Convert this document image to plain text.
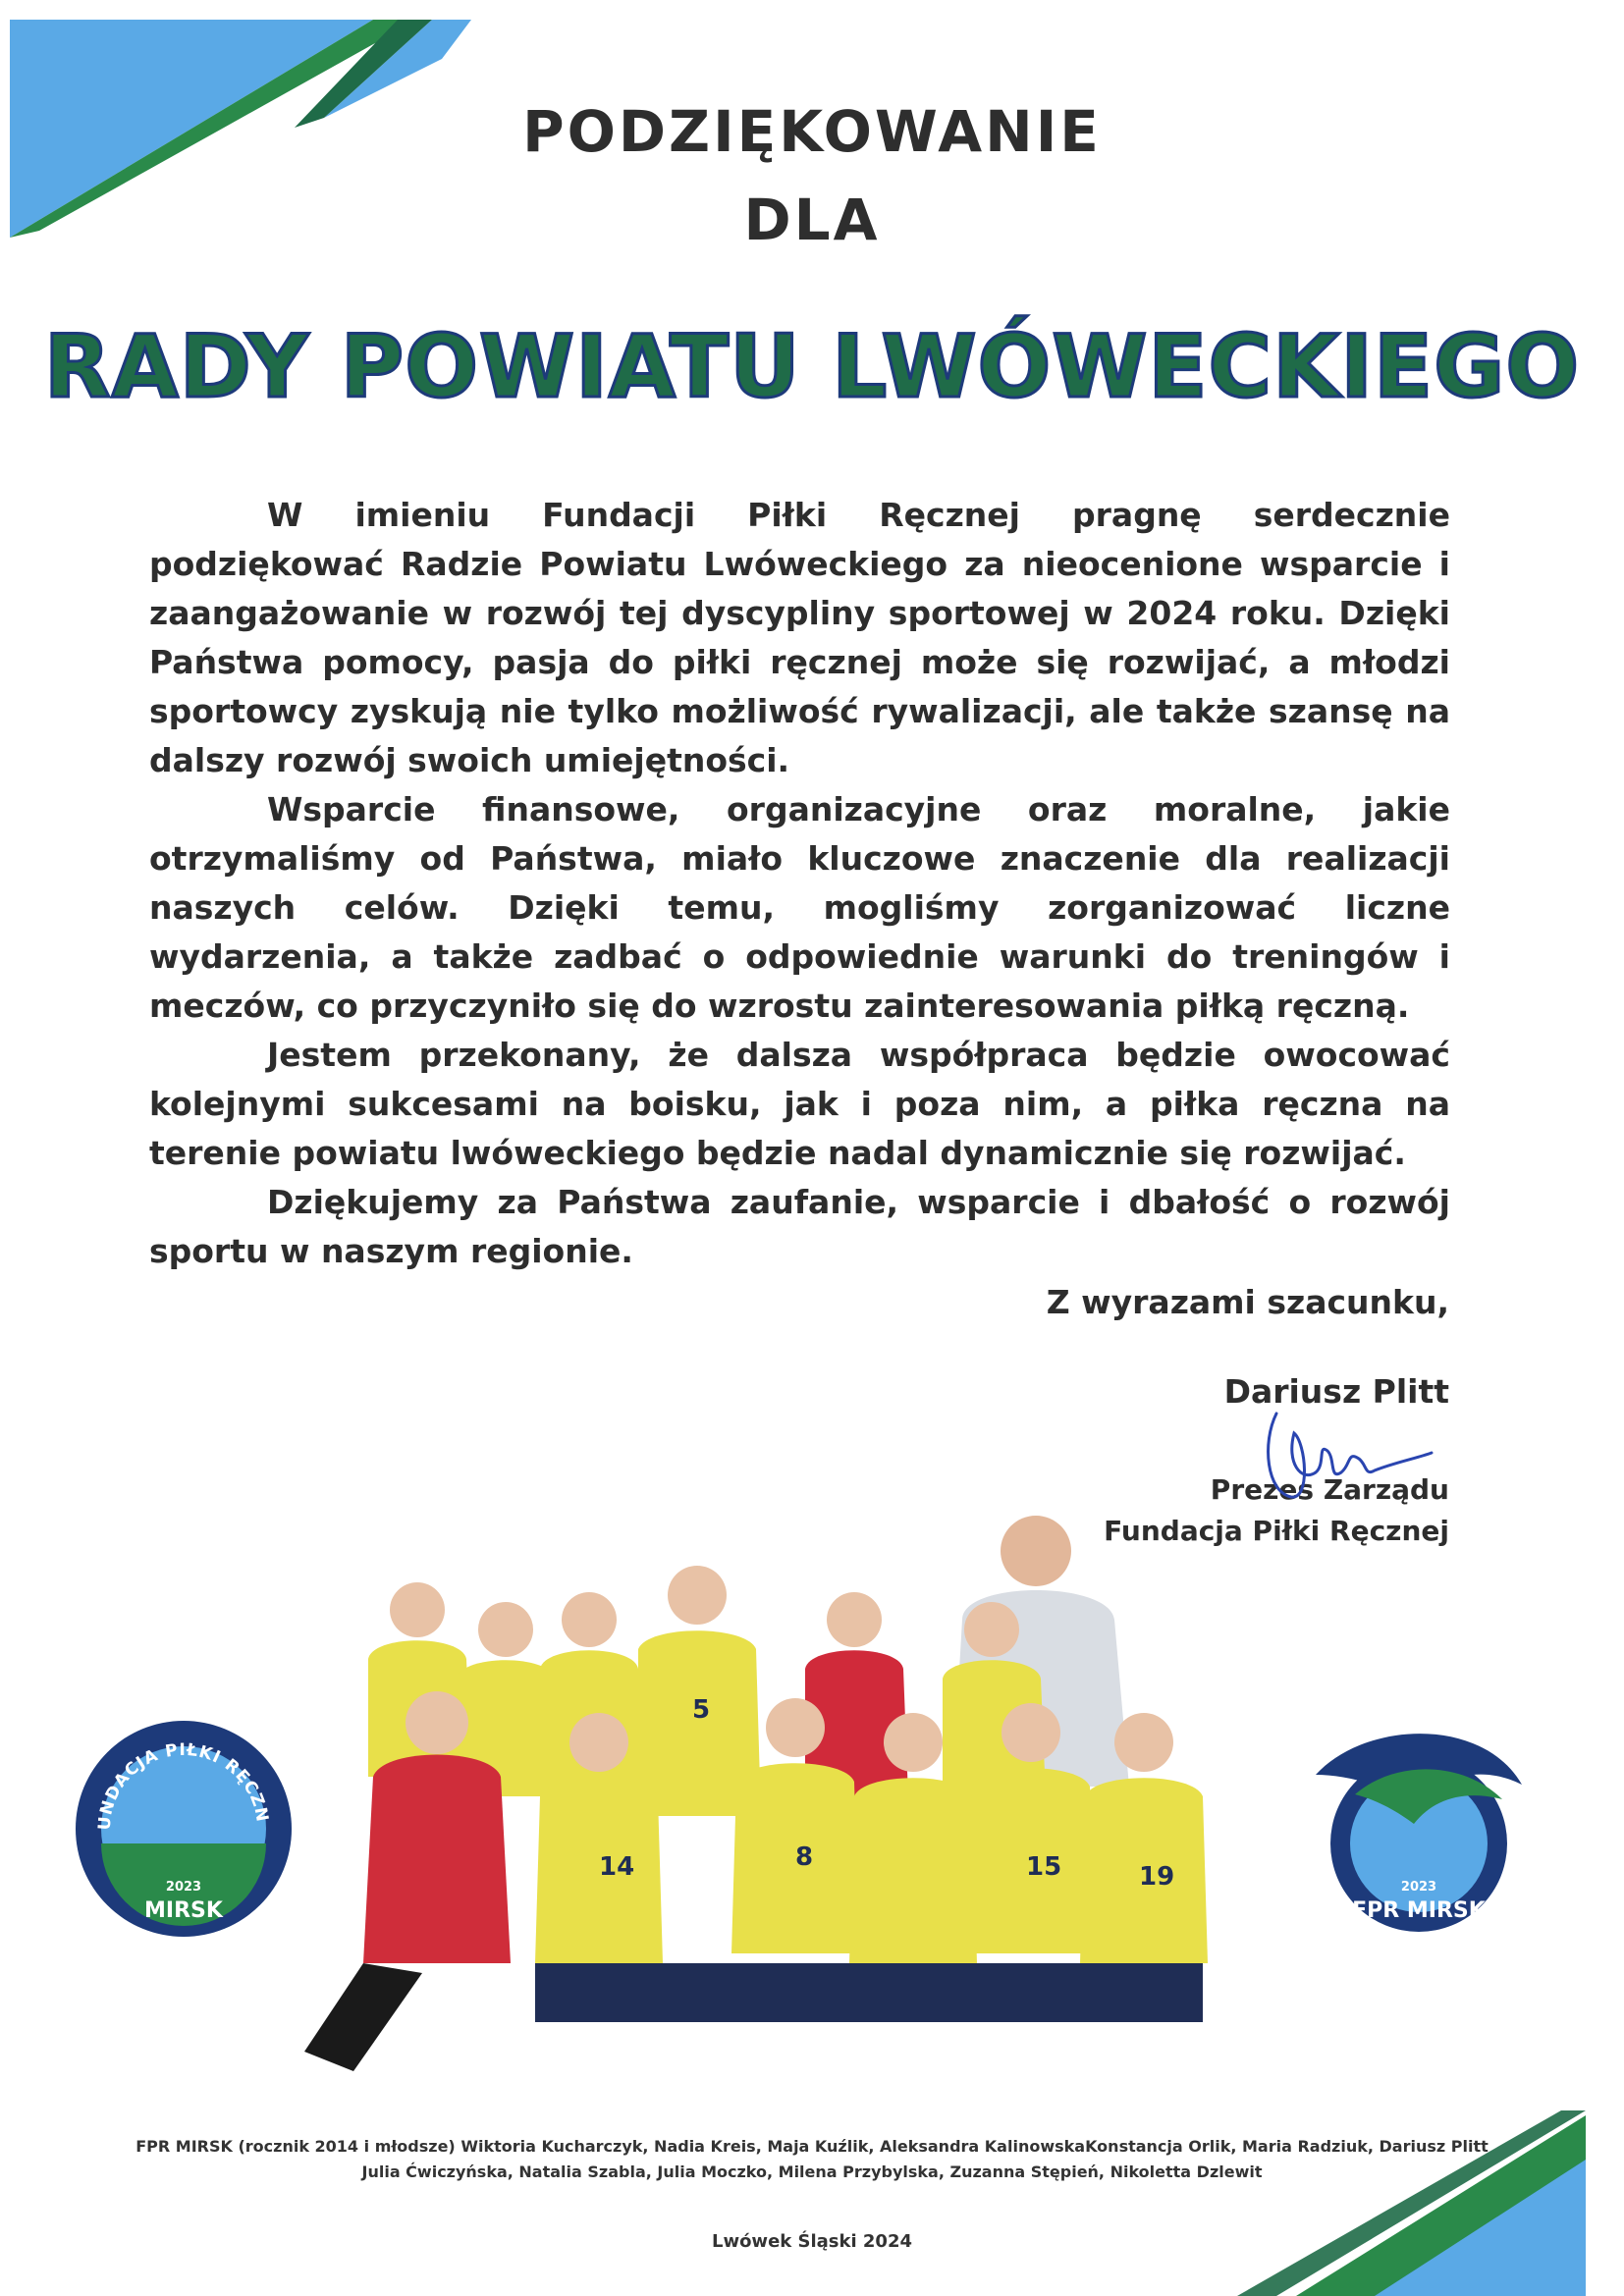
PODZIĘKOWANIE
DLA
RADY POWIATU LWÓWECKIEGO

W imieniu Fundacji Piłki Ręcznej pragnę serdecznie podziękować Radzie Powiatu Lwóweckiego za nieocenione wsparcie i zaangażowanie w rozwój tej dyscypliny sportowej w 2024 roku. Dzięki Państwa pomocy, pasja do piłki ręcznej może się rozwijać, a młodzi sportowcy zyskują nie tylko możliwość rywalizacji, ale także szansę na dalszy rozwój swoich umiejętności.

Wsparcie finansowe, organizacyjne oraz moralne, jakie otrzymaliśmy od Państwa, miało kluczowe znaczenie dla realizacji naszych celów. Dzięki temu, mogliśmy zorganizować liczne wydarzenia, a także zadbać o odpowiednie warunki do treningów i meczów, co przyczyniło się do wzrostu zainteresowania piłką ręczną.

Jestem przekonany, że dalsza współpraca będzie owocować kolejnymi sukcesami na boisku, jak i poza nim, a piłka ręczna na terenie powiatu lwóweckiego będzie nadal dynamicznie się rozwijać.

Dziękujemy za Państwa zaufanie, wsparcie i dbałość o rozwój sportu w naszym regionie.

Z wyrazami szacunku,
Dariusz Plitt
Prezes Zarządu
Fundacja Piłki Ręcznej
5
14	8	15	19
UNDACJA PIŁKI RĘCZN
2023
MIRSK
2023
FPR MIRSK
FPR MIRSK (rocznik 2014 i młodsze) Wiktoria Kucharczyk, Nadia Kreis, Maja Kuźlik, Aleksandra KalinowskaKonstancja Orlik, Maria Radziuk, Dariusz Plitt
Julia Ćwiczyńska, Natalia Szabla, Julia Moczko, Milena Przybylska, Zuzanna Stępień, Nikoletta Dzlewit
Lwówek Śląski 2024
